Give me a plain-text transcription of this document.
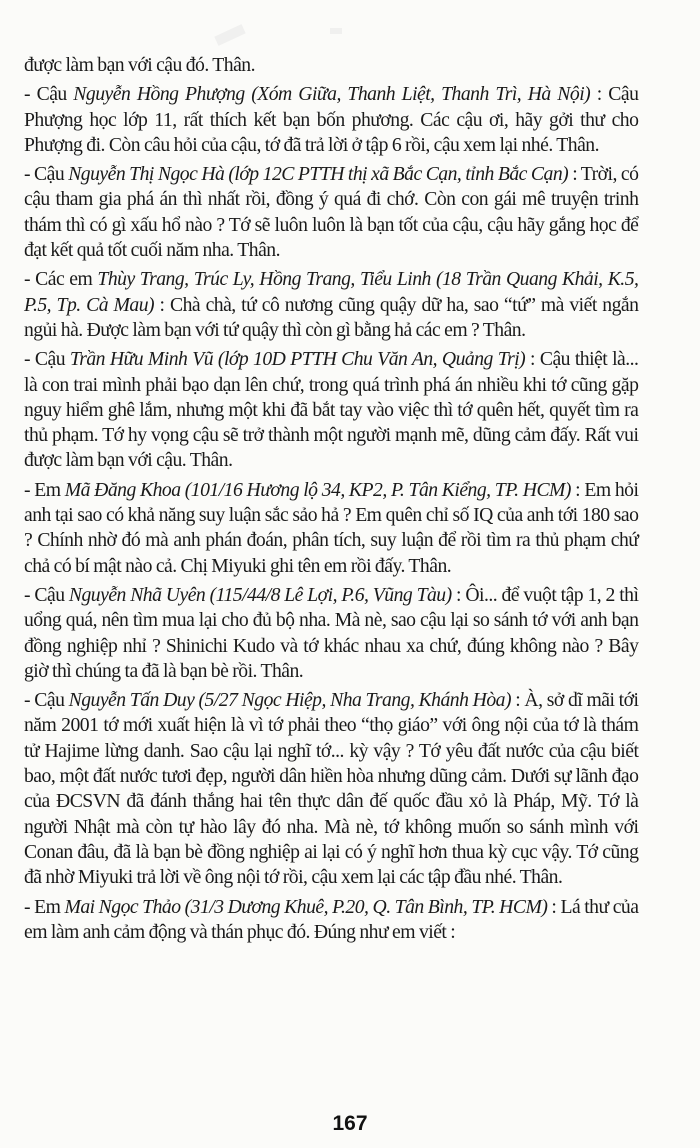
được làm bạn với cậu đó. Thân.

- Cậu Nguyễn Hồng Phượng (Xóm Giữa, Thanh Liệt, Thanh Trì, Hà Nội) : Cậu Phượng học lớp 11, rất thích kết bạn bốn phương. Các cậu ơi, hãy gởi thư cho Phượng đi. Còn câu hỏi của cậu, tớ đã trả lời ở tập 6 rồi, cậu xem lại nhé. Thân.

- Cậu Nguyễn Thị Ngọc Hà (lớp 12C PTTH thị xã Bắc Cạn, tỉnh Bắc Cạn) : Trời, có cậu tham gia phá án thì nhất rồi, đồng ý quá đi chớ. Còn con gái mê truyện trinh thám thì có gì xấu hổ nào ? Tớ sẽ luôn luôn là bạn tốt của cậu, cậu hãy gắng học để đạt kết quả tốt cuối năm nha. Thân.

- Các em Thùy Trang, Trúc Ly, Hồng Trang, Tiểu Linh (18 Trần Quang Khải, K.5, P.5, Tp. Cà Mau) : Chà chà, tứ cô nương cũng quậy dữ ha, sao “tứ” mà viết ngắn ngủi hà. Được làm bạn với tứ quậy thì còn gì bằng hả các em ? Thân.

- Cậu Trần Hữu Minh Vũ (lớp 10D PTTH Chu Văn An, Quảng Trị) : Cậu thiệt là... là con trai mình phải bạo dạn lên chứ, trong quá trình phá án nhiều khi tớ cũng gặp nguy hiểm ghê lắm, nhưng một khi đã bắt tay vào việc thì tớ quên hết, quyết tìm ra thủ phạm. Tớ hy vọng cậu sẽ trở thành một người mạnh mẽ, dũng cảm đấy. Rất vui được làm bạn với cậu. Thân.

- Em Mã Đăng Khoa (101/16 Hương lộ 34, KP2, P. Tân Kiểng, TP. HCM) : Em hỏi anh tại sao có khả năng suy luận sắc sảo hả ? Em quên chỉ số IQ của anh tới 180 sao ? Chính nhờ đó mà anh phán đoán, phân tích, suy luận để rồi tìm ra thủ phạm chứ chả có bí mật nào cả. Chị Miyuki ghi tên em rồi đấy. Thân.

- Cậu Nguyễn Nhã Uyên (115/44/8 Lê Lợi, P.6, Vũng Tàu) : Ôi... để vuột tập 1, 2 thì uổng quá, nên tìm mua lại cho đủ bộ nha. Mà nè, sao cậu lại so sánh tớ với anh bạn đồng nghiệp nhỉ ? Shinichi Kudo và tớ khác nhau xa chứ, đúng không nào ? Bây giờ thì chúng ta đã là bạn bè rồi. Thân.

- Cậu Nguyễn Tấn Duy (5/27 Ngọc Hiệp, Nha Trang, Khánh Hòa) : À, sở dĩ mãi tới năm 2001 tớ mới xuất hiện là vì tớ phải theo “thọ giáo” với ông nội của tớ là thám tử Hajime lừng danh. Sao cậu lại nghĩ tớ... kỳ vậy ? Tớ yêu đất nước của cậu biết bao, một đất nước tươi đẹp, người dân hiền hòa nhưng dũng cảm. Dưới sự lãnh đạo của ĐCSVN đã đánh thắng hai tên thực dân đế quốc đầu xỏ là Pháp, Mỹ. Tớ là người Nhật mà còn tự hào lây đó nha. Mà nè, tớ không muốn so sánh mình với Conan đâu, đã là bạn bè đồng nghiệp ai lại có ý nghĩ hơn thua kỳ cục vậy. Tớ cũng đã nhờ Miyuki trả lời về ông nội tớ rồi, cậu xem lại các tập đầu nhé. Thân.

- Em Mai Ngọc Thảo (31/3 Dương Khuê, P.20, Q. Tân Bình, TP. HCM) : Lá thư của em làm anh cảm động và thán phục đó. Đúng như em viết :

167
